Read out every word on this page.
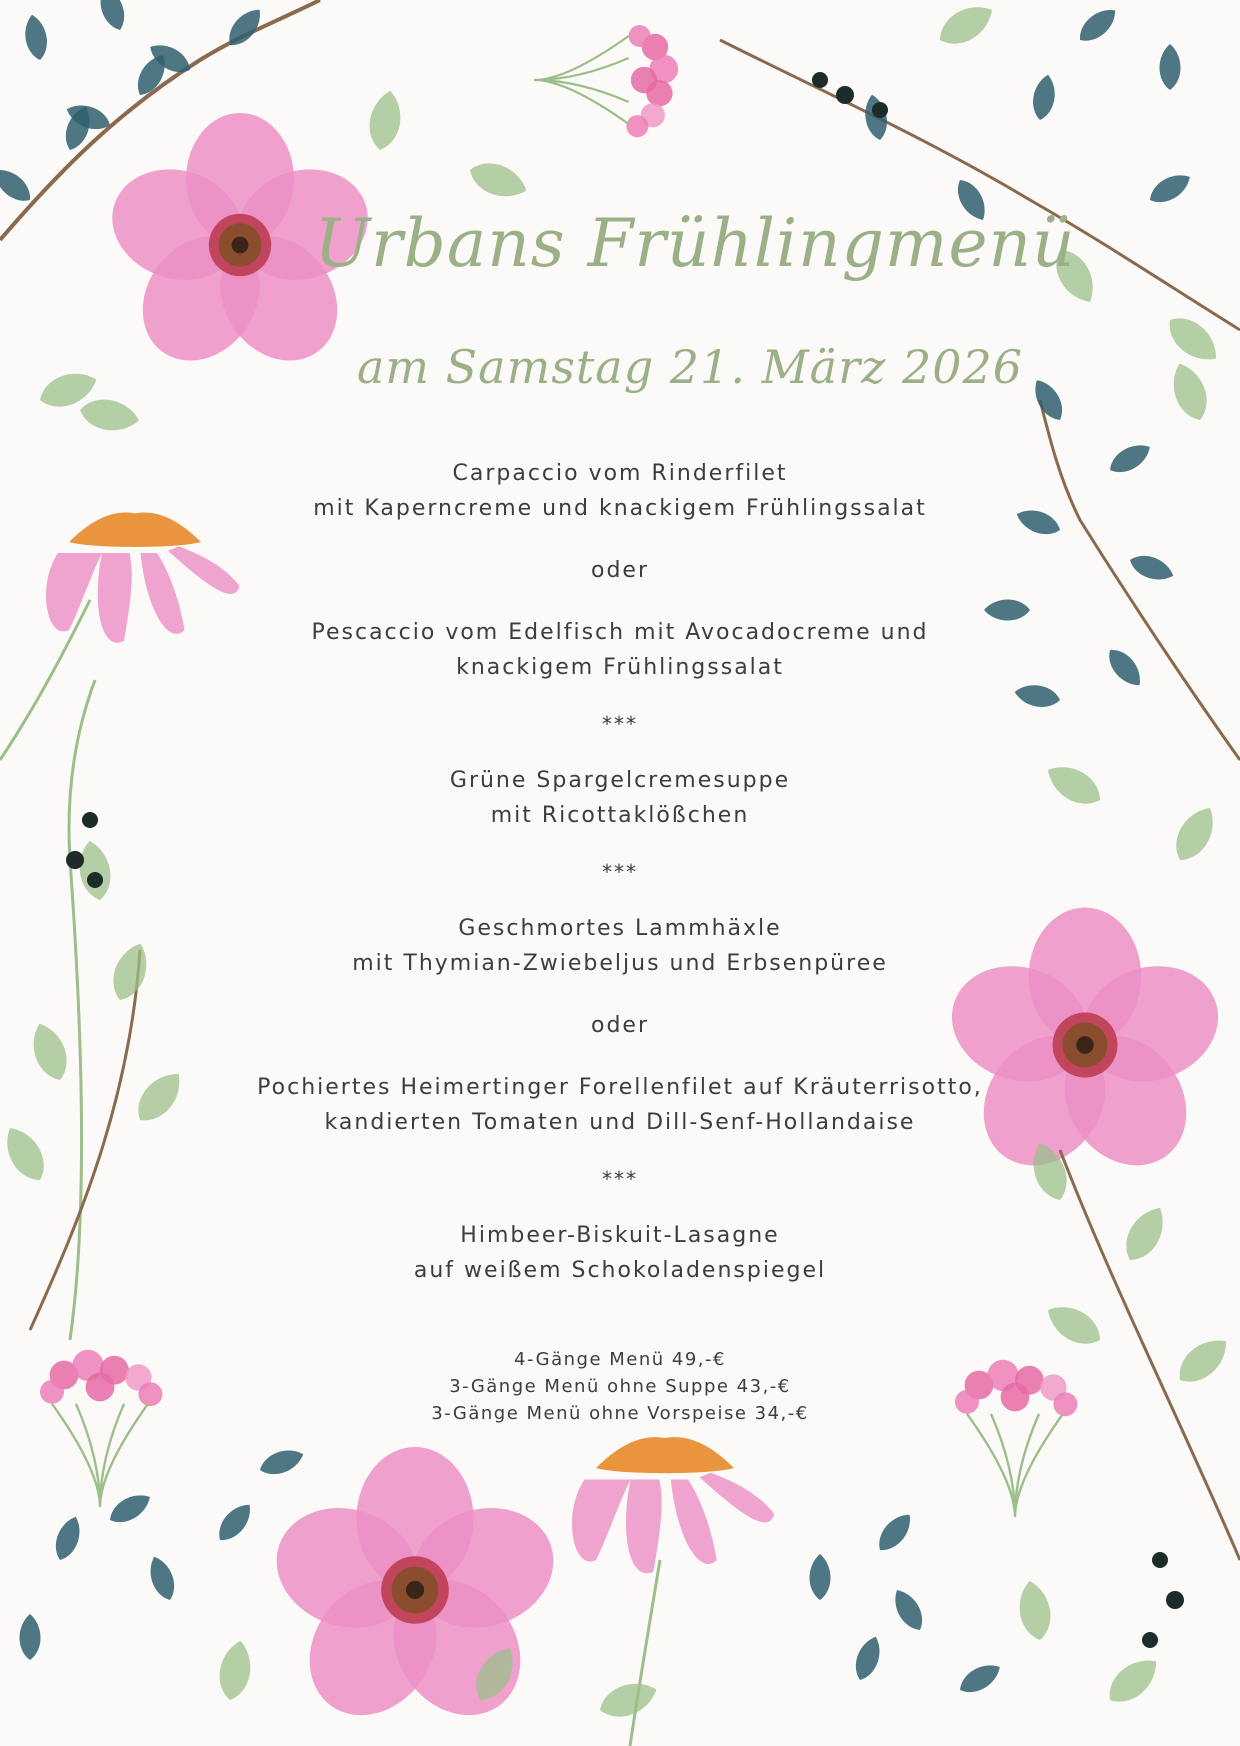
Urbans Frühlingmenü
am Samstag 21. März 2026
Carpaccio vom Rinderfilet
mit Kaperncreme und knackigem Frühlingssalat
oder
Pescaccio vom Edelfisch mit Avocadocreme und
knackigem Frühlingssalat
***
Grüne Spargelcremesuppe
mit Ricottaklößchen
***
Geschmortes Lammhäxle
mit Thymian-Zwiebeljus und Erbsenpüree
oder
Pochiertes Heimertinger Forellenfilet auf Kräuterrisotto,
kandierten Tomaten und Dill-Senf-Hollandaise
***
Himbeer-Biskuit-Lasagne
auf weißem Schokoladenspiegel
4-Gänge Menü 49,-€
3-Gänge Menü ohne Suppe 43,-€
3-Gänge Menü ohne Vorspeise 34,-€
